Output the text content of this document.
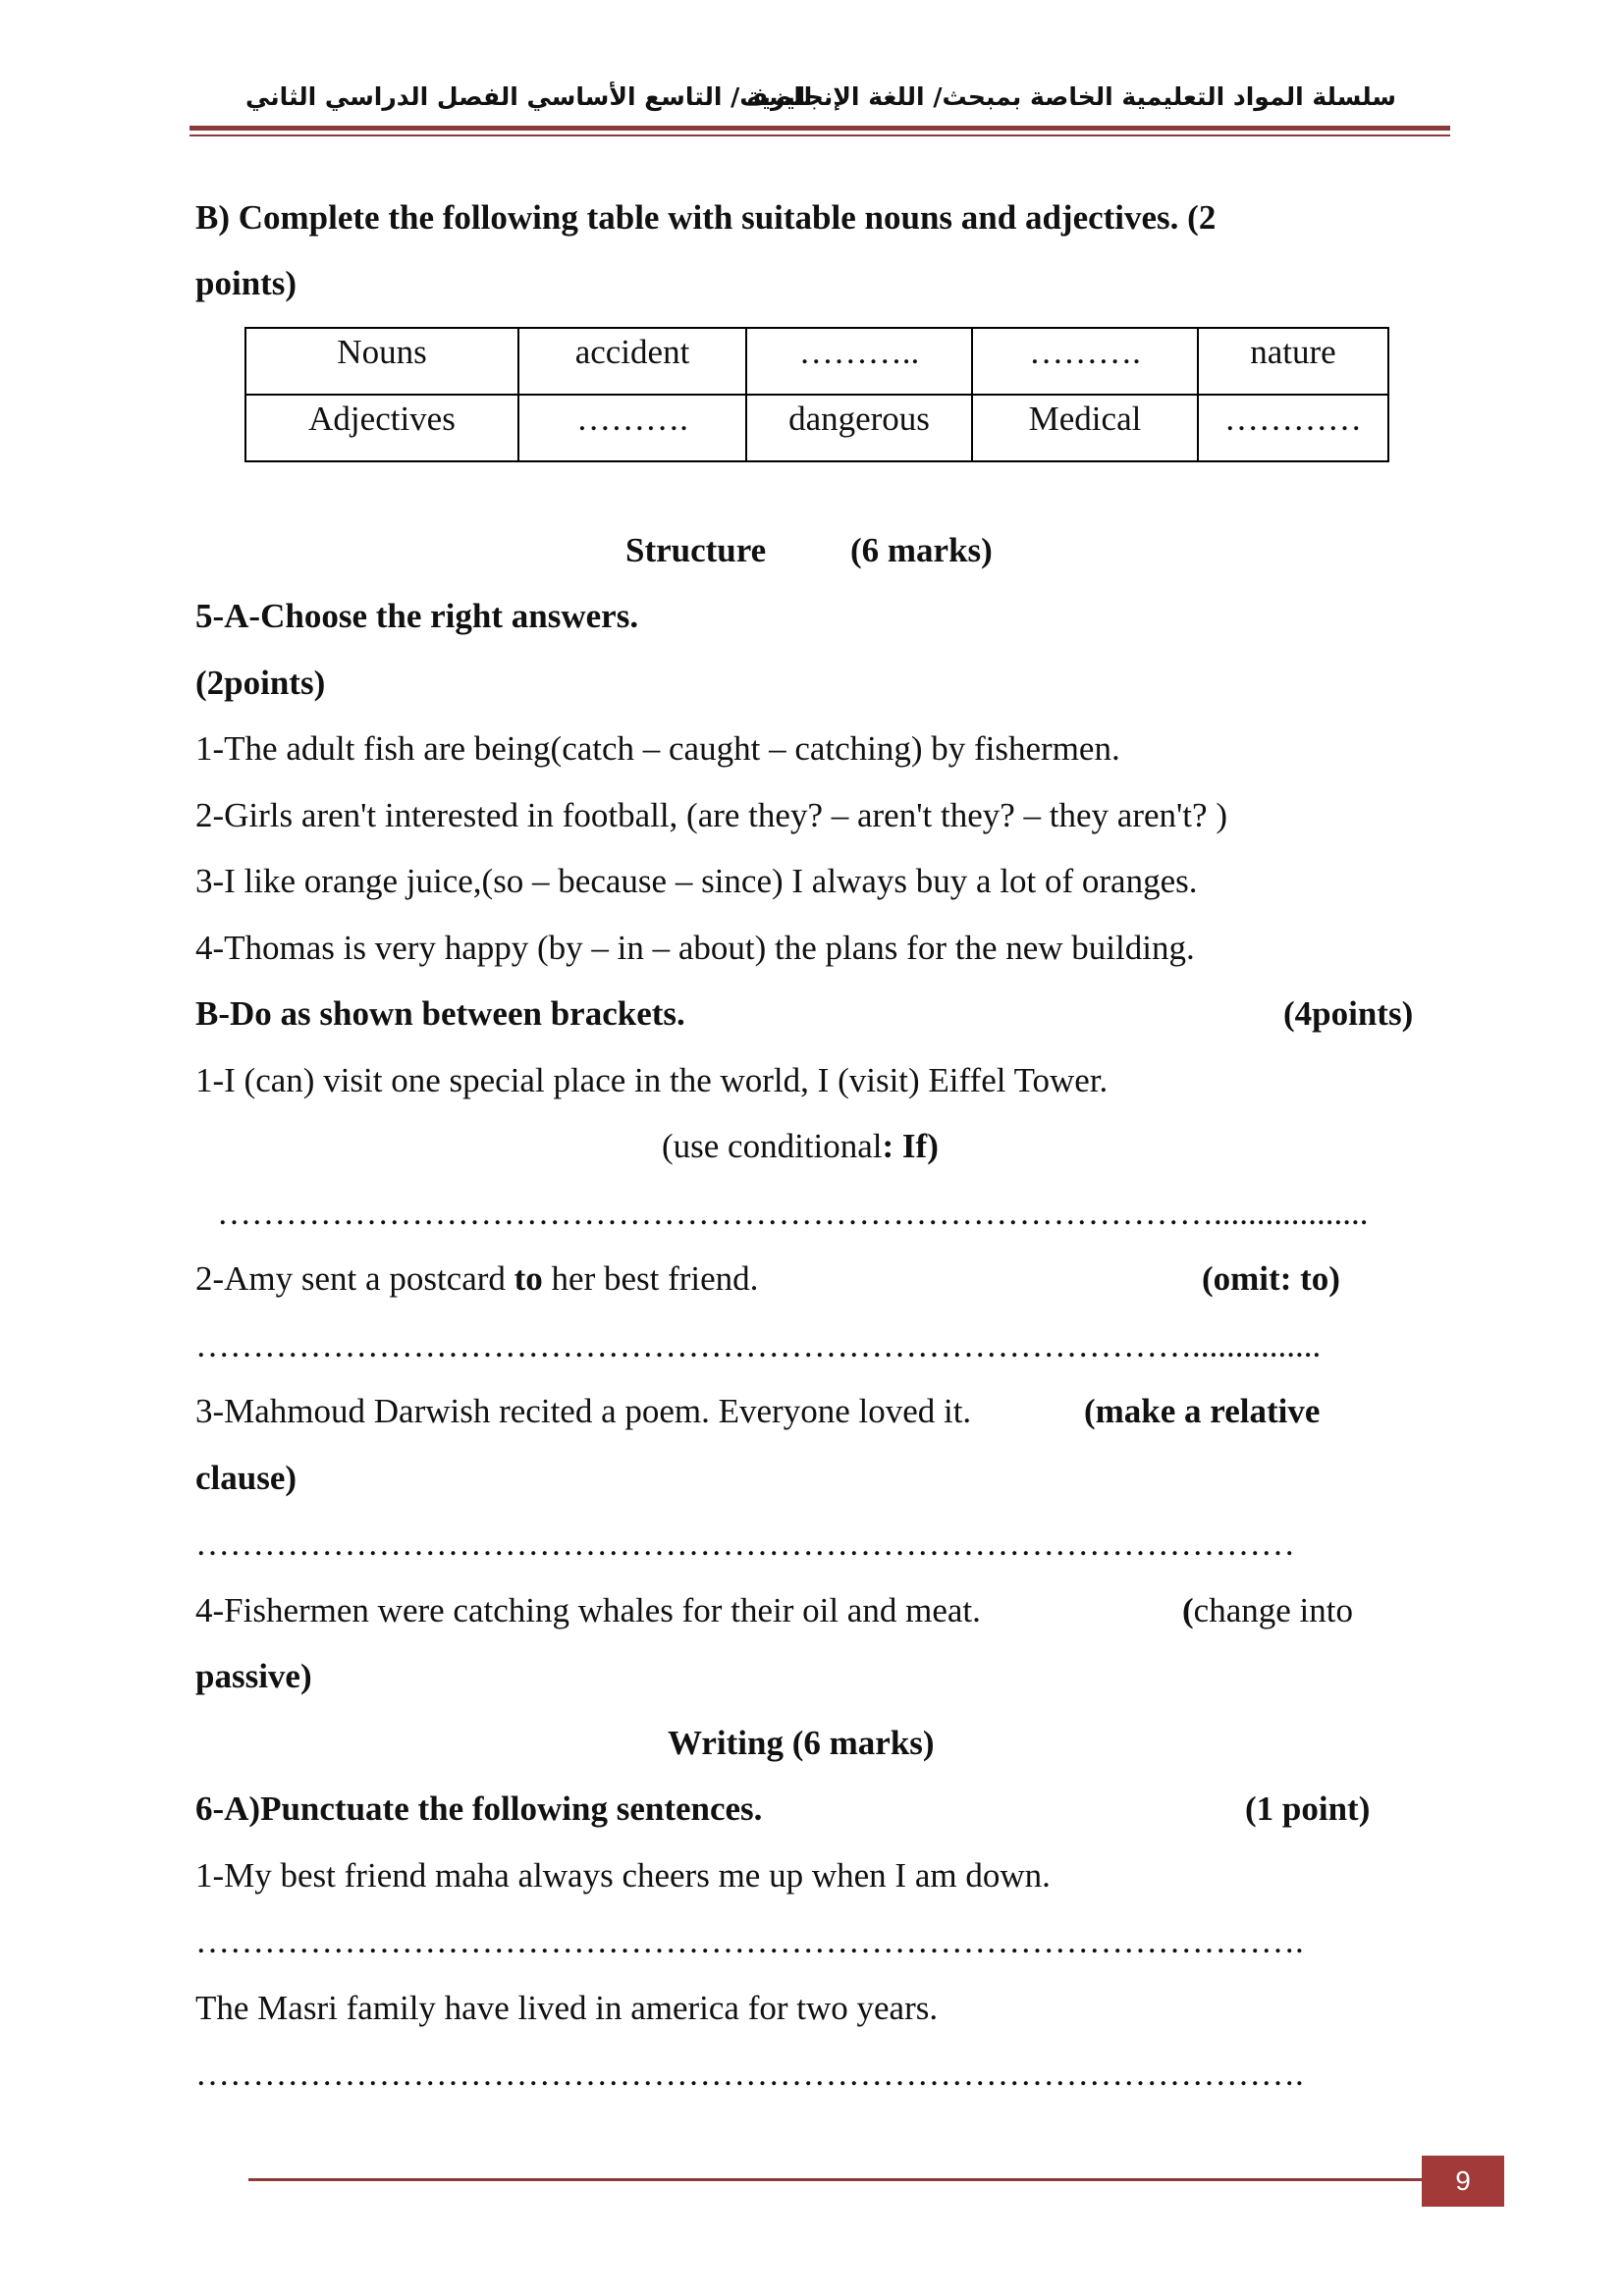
سلسلة المواد التعليمية الخاصة بمبحث/ اللغة الإنجليزية
للصف/ التاسع الأساسي الفصل الدراسي الثاني
B) Complete the following table with suitable nouns and adjectives. (2
points)
Nouns	accident	………..	……….	nature
Adjectives	……….	dangerous	Medical	…………
Structure (6 marks)
5-A-Choose the right answers.
(2points)
1-The adult fish are being(catch – caught – catching) by fishermen.
2-Girls aren't interested in football, (are they? – aren't they? – they aren't? )
3-I like orange juice,(so – because – since) I always buy a lot of oranges.
4-Thomas is very happy (by – in – about) the plans for the new building.
B-Do as shown between brackets.	(4points)
1-I (can) visit one special place in the world, I (visit) Eiffel Tower.
(use conditional: If)
……………………………………………………………………………..................
2-Amy sent a postcard to her best friend.	(omit: to)
……………………………………………………………………………...............
3-Mahmoud Darwish recited a poem. Everyone loved it.	(make a relative
clause)
……………………………………………………………………………………
4-Fishermen were catching whales for their oil and meat.	(change into
passive)
Writing (6 marks)
6-A)Punctuate the following sentences.	(1 point)
1-My best friend maha always cheers me up when I am down.
…………………………………………………………………………………….
The Masri family have lived in america for two years.
…………………………………………………………………………………….
9
